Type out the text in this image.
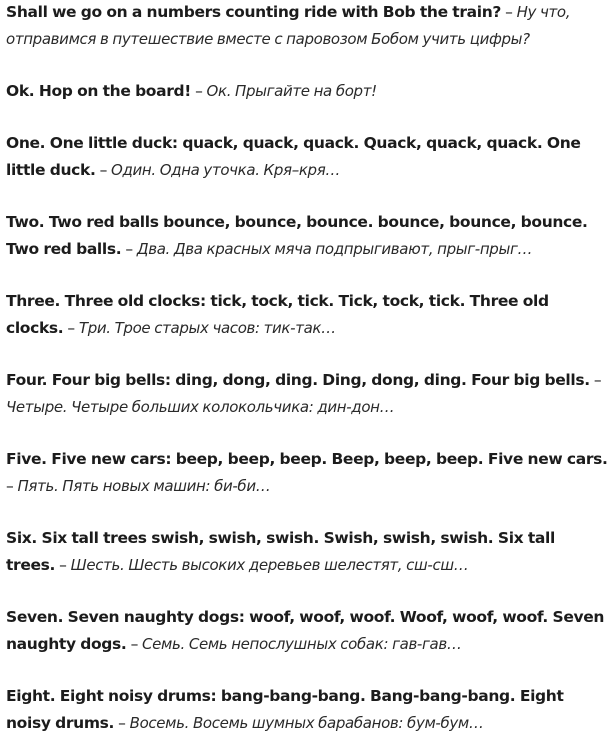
Shall we go on a numbers counting ride with Bob the train? – Ну что, отправимся в путешествие вместе с паровозом Бобом учить цифры?

Ok. Hop on the board! – Ок. Прыгайте на борт!

One. One little duck: quack, quack, quack. Quack, quack, quack. One little duck. – Один. Одна уточка. Кря–кря…

Two. Two red balls bounce, bounce, bounce. bounce, bounce, bounce. Two red balls. – Два. Два красных мяча подпрыгивают, прыг-прыг…

Three. Three old clocks: tick, tock, tick. Tick, tock, tick. Three old clocks. – Три. Трое старых часов: тик-так…

Four. Four big bells: ding, dong, ding. Ding, dong, ding. Four big bells. – Четыре. Четыре больших колокольчика: дин-дон…

Five. Five new cars: beep, beep, beep. Beep, beep, beep. Five new cars. – Пять. Пять новых машин: би-би…

Six. Six tall trees swish, swish, swish. Swish, swish, swish. Six tall trees. – Шесть. Шесть высоких деревьев шелестят, сш-сш…

Seven. Seven naughty dogs: woof, woof, woof. Woof, woof, woof. Seven naughty dogs. – Семь. Семь непослушных собак: гав-гав…

Eight. Eight noisy drums: bang-bang-bang. Bang-bang-bang. Eight noisy drums. – Восемь. Восемь шумных барабанов: бум-бум…
